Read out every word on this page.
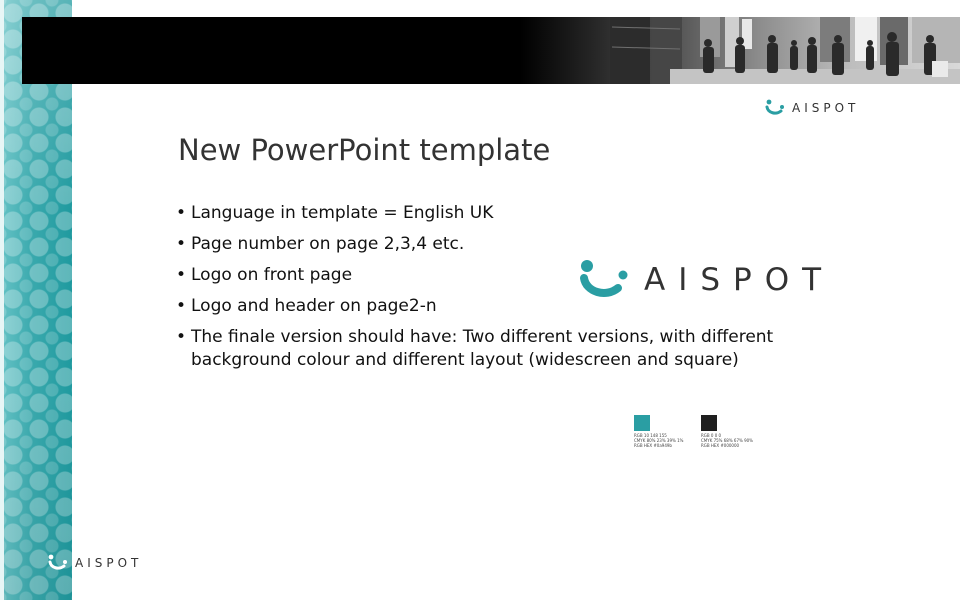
AISPOT
New PowerPoint template
• Language in template = English UK
• Page number on page 2,3,4 etc.
• Logo on front page
• Logo and header on page2-n
• The finale version should have: Two different versions, with different background colour and different layout (widescreen and square)
AISPOT
RGB 10 148 155
CMYK 80% 23% 39% 1%
RGB HEX #0a949b
RGB 0 0 0
CMYK 75% 68% 67% 90%
RGB HEX #000000
AISPOT
